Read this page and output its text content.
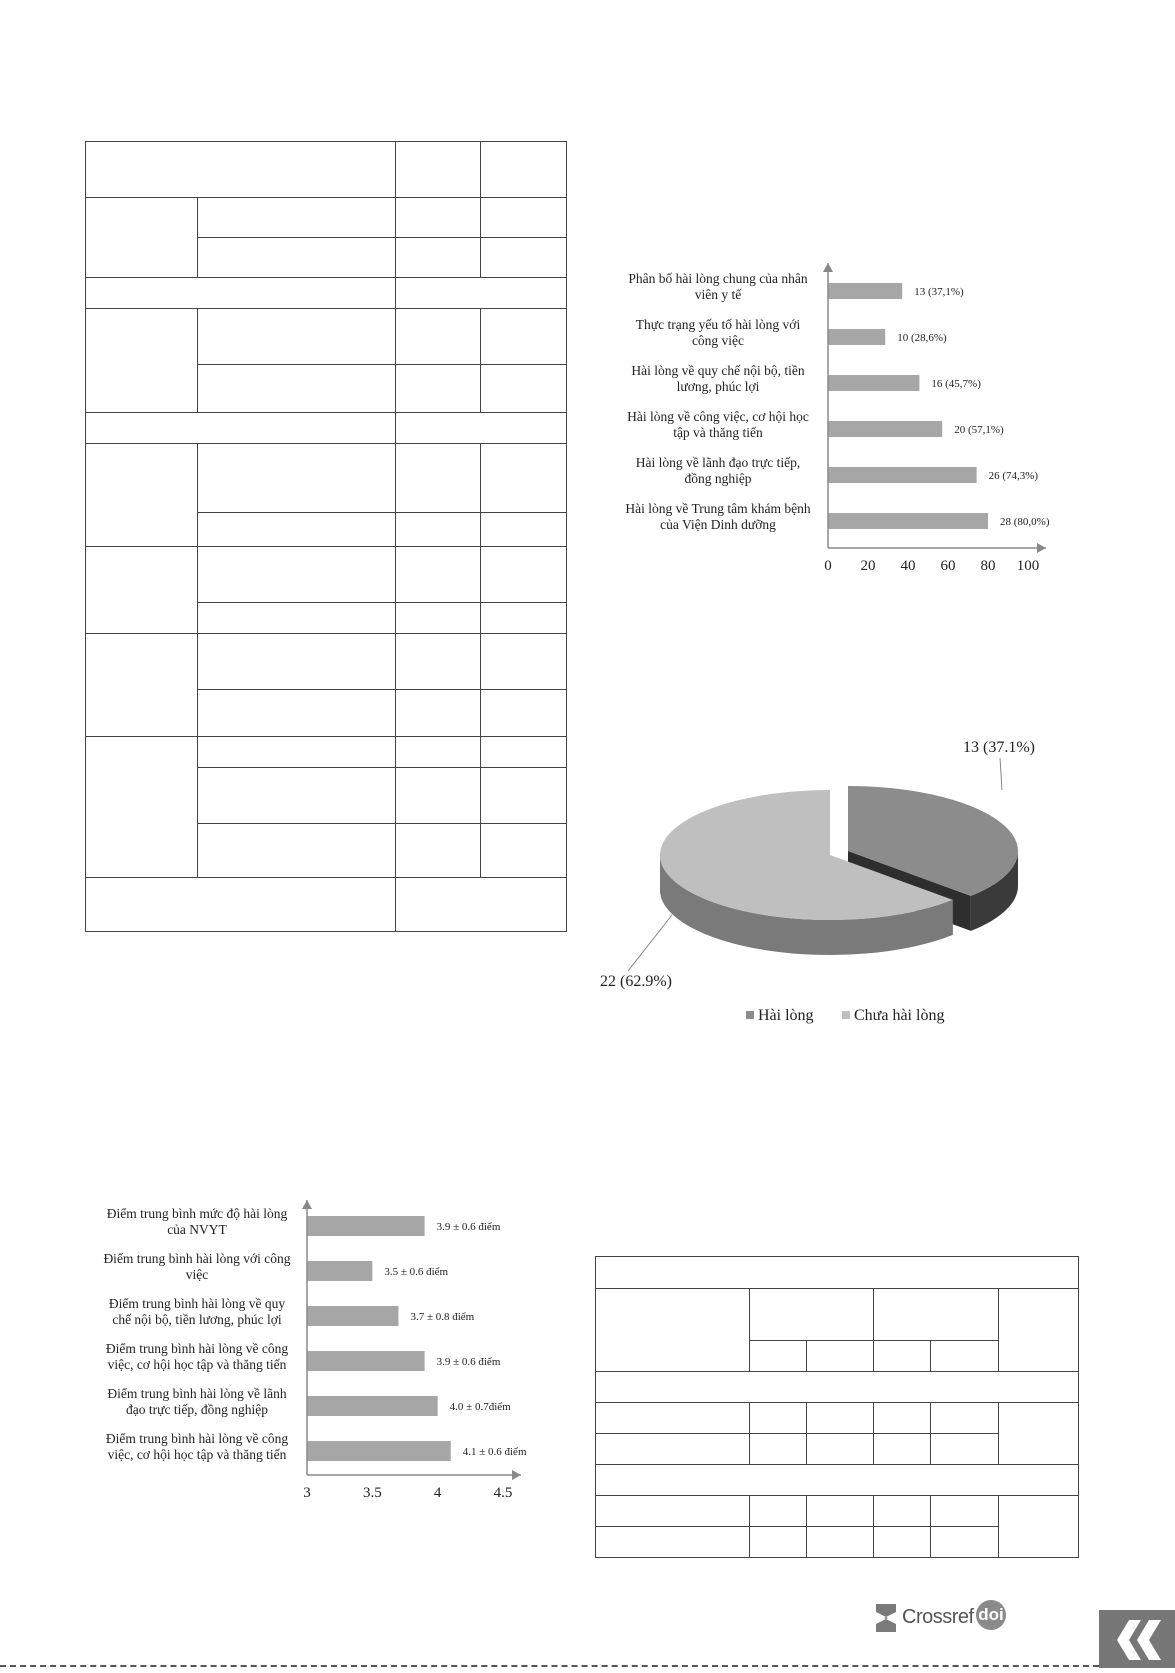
Phân bố hài lòng chung của nhân
viên y tế
Thực trạng yếu tố hài lòng với
công việc
Hài lòng về quy chế nội bộ, tiền
lương, phúc lợi
Hài lòng về công việc, cơ hội học
tập và thăng tiến
Hài lòng về lãnh đạo trực tiếp,
đồng nghiệp
Hài lòng về Trung tâm khám bệnh
của Viện Dinh dưỡng
13 (37,1%)
10 (28,6%)
16 (45,7%)
20 (57,1%)
26 (74,3%)
28 (80,0%)
0 20 40 60 80 100
13 (37.1%)
22 (62.9%)
Hài lòng	Chưa hài lòng
Điểm trung bình mức độ hài lòng
của NVYT
Điểm trung bình hài lòng với công
việc
Điểm trung bình hài lòng về quy
chế nội bộ, tiền lương, phúc lợi
Điểm trung bình hài lòng về công
việc, cơ hội học tập và thăng tiến
Điểm trung bình hài lòng về lãnh
đạo trực tiếp, đồng nghiệp
Điểm trung bình hài lòng về công
việc, cơ hội học tập và thăng tiến
3.9 ± 0.6 điểm
3.5 ± 0.6 điểm
3.7 ± 0.8 điểm
3.9 ± 0.6 điểm
4.0 ± 0.7điểm
4.1 ± 0.6 điểm
3	3.5	4	4.5
Crossref doi
